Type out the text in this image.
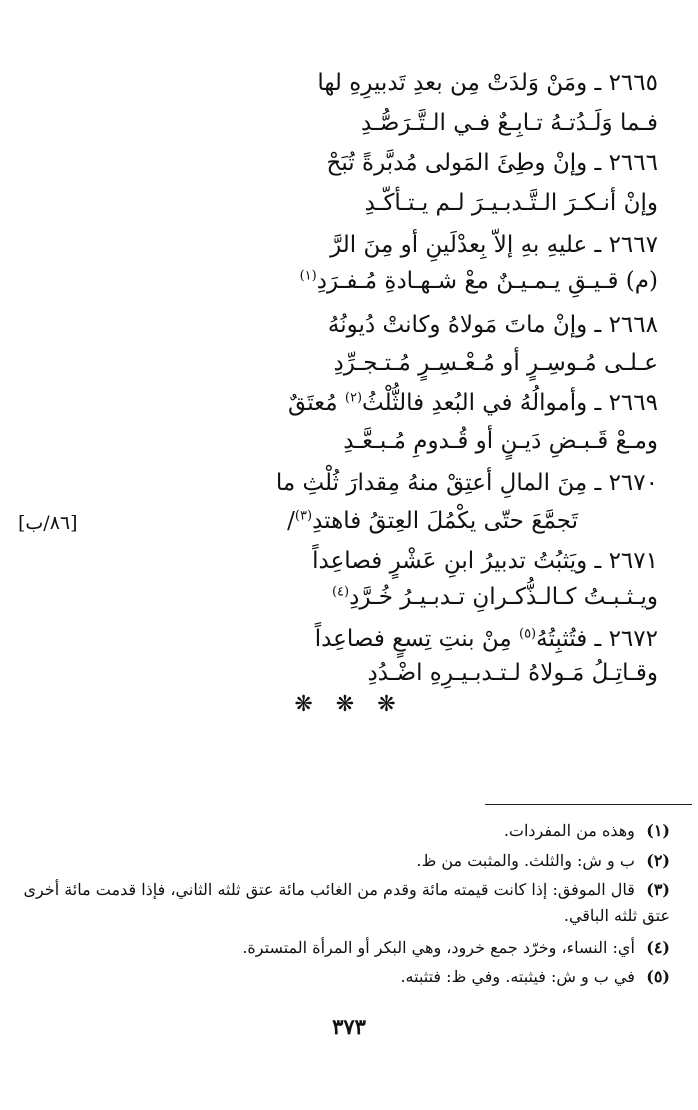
٢٦٦٥ ـ ومَنْ وَلدَتْ مِن بعدِ تَدبيرِهِ لها
فـما وَلَـدُتـهُ تـابِـعٌ فـي الـتَّـرَصُّـدِ
٢٦٦٦ ـ وإنْ وطِئَ المَولى مُدبَّرةً تُبَحْ
وإنْ أنـكـرَ الـتَّـدبـيـرَ لـم يـتـأكّـدِ
٢٦٦٧ ـ عليهِ بهِ إلاّ بِعدْلَينِ أو مِنَ الرَّ
(م) قـيـقِ يـمـيـنٌ معْ شـهـادةِ مُـفـرَدِ$^{(١)}$
٢٦٦٨ ـ وإنْ ماتَ مَولاهُ وكانتْ دُيونُهُ
عـلـى مُـوسِـرٍ أو مُـعْـسِـرٍ مُـتـجـرِّدِ
٢٦٦٩ ـ وأموالُهُ في البُعدِ فالثُّلْثُ$^{(٢)}$ مُعتَقٌ
ومـعْ قَـبـضِ دَيـنٍ أو قُـدومِ مُـبـعَّـدِ
٢٦٧٠ ـ مِنَ المالِ أعتِقْ منهُ مِقدارَ ثُلْثِ ما
تَجمَّعَ حتّى يكْمُلَ العِتقُ فاهتدِ$^{(٣)}$/
[٨٦/ب]
٢٦٧١ ـ ويَثبُتُ تدبيرُ ابنِ عَشْرٍ فصاعِداً
ويـثـبـتُ كـالـذُّكـرانِ تـدبـيـرُ خُـرَّدِ$^{(٤)}$
٢٦٧٢ ـ فتُثبِتُهُ$^{(٥)}$ مِنْ بنتِ تِسعٍ فصاعِداً
وقـاتِـلُ مَـولاهُ لـتـدبـيـرِهِ اضْـدُدِ
❋ ❋ ❋
(١) وهذه من المفردات.
(٢) ب و ش: والثلث. والمثبت من ظ.
(٣) قال الموفق: إذا كانت قيمته مائة وقدم من الغائب مائة عتق ثلثه الثاني، فإذا قدمت مائة أخرى عتق ثلثه الباقي.
(٤) أي: النساء، وخرّد جمع خرود، وهي البكر أو المرأة المتسترة.
(٥) في ب و ش: فيثبته. وفي ظ: فتثبته.
٣٧٣
